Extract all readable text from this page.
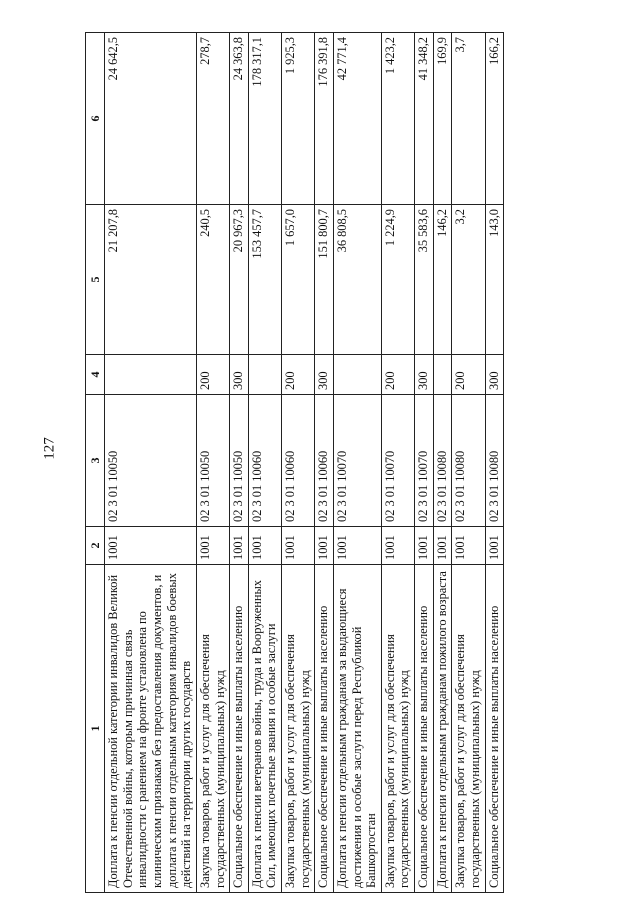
127
1	2	3	4	5	6
Доплата к пенсии отдельной категории инвалидов Великой Отечественной войны, которым причинная связь инвалидности с ранением на фронте установлена по клиническим признакам без предоставления документов, и доплата к пенсии отдельным категориям инвалидов боевых действий на территории других государств	1001	02 3 01 10050		21 207,8	24 642,5
Закупка товаров, работ и услуг для обеспечения государственных (муниципальных) нужд	1001	02 3 01 10050	200	240,5	278,7
Социальное обеспечение и иные выплаты населению	1001	02 3 01 10050	300	20 967,3	24 363,8
Доплата к пенсии ветеранов войны, труда и Вооруженных Сил, имеющих почетные звания и особые заслуги	1001	02 3 01 10060		153 457,7	178 317,1
Закупка товаров, работ и услуг для обеспечения государственных (муниципальных) нужд	1001	02 3 01 10060	200	1 657,0	1 925,3
Социальное обеспечение и иные выплаты населению	1001	02 3 01 10060	300	151 800,7	176 391,8
Доплата к пенсии отдельным гражданам за выдающиеся достижения и особые заслуги перед Республикой Башкортостан	1001	02 3 01 10070		36 808,5	42 771,4
Закупка товаров, работ и услуг для обеспечения государственных (муниципальных) нужд	1001	02 3 01 10070	200	1 224,9	1 423,2
Социальное обеспечение и иные выплаты населению	1001	02 3 01 10070	300	35 583,6	41 348,2
Доплата к пенсии отдельным гражданам пожилого возраста	1001	02 3 01 10080		146,2	169,9
Закупка товаров, работ и услуг для обеспечения государственных (муниципальных) нужд	1001	02 3 01 10080	200	3,2	3,7
Социальное обеспечение и иные выплаты населению	1001	02 3 01 10080	300	143,0	166,2
